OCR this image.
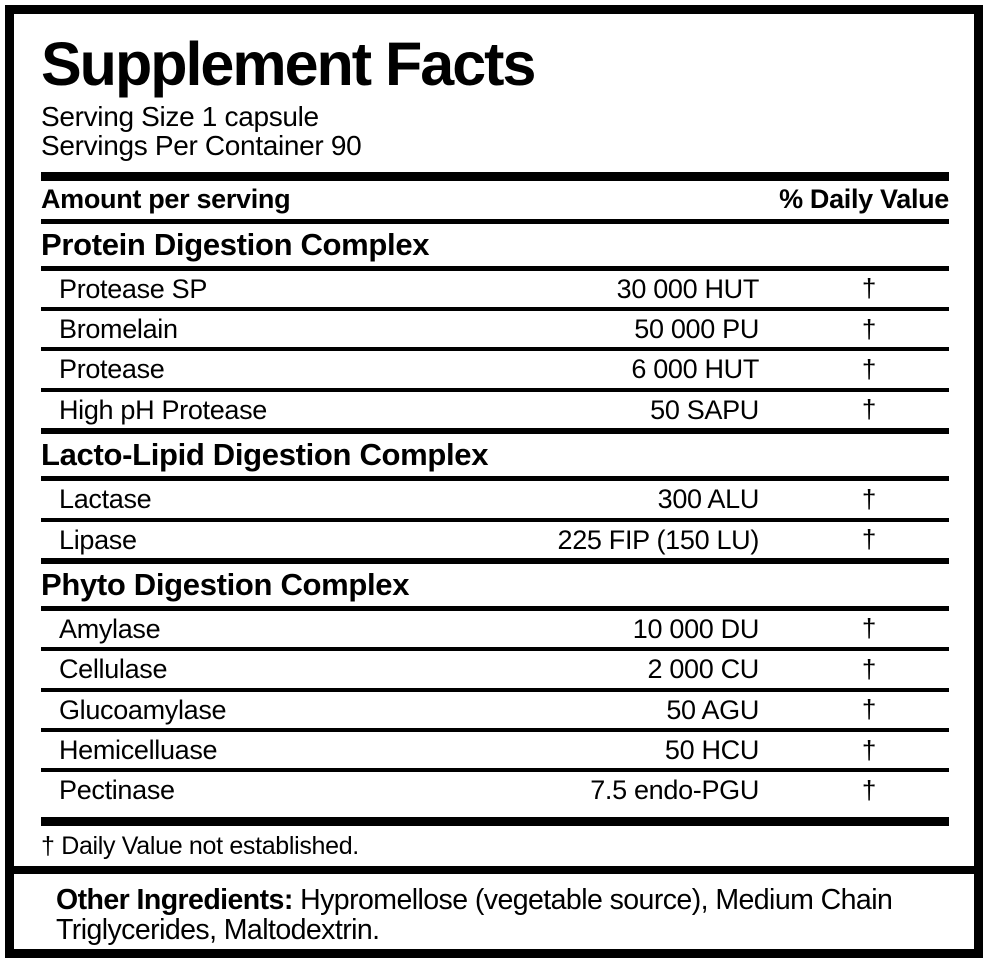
Supplement Facts
Serving Size 1 capsule
Servings Per Container 90
Amount per serving	% Daily Value
Protein Digestion Complex
Protease SP	30 000 HUT	†
Bromelain	50 000 PU	†
Protease	6 000 HUT	†
High pH Protease	50 SAPU	†
Lacto-Lipid Digestion Complex
Lactase	300 ALU	†
Lipase	225 FIP (150 LU)	†
Phyto Digestion Complex
Amylase	10 000 DU	†
Cellulase	2 000 CU	†
Glucoamylase	50 AGU	†
Hemicelluase	50 HCU	†
Pectinase	7.5 endo-PGU	†
† Daily Value not established.
Other Ingredients: Hypromellose (vegetable source), Medium Chain Triglycerides, Maltodextrin.
